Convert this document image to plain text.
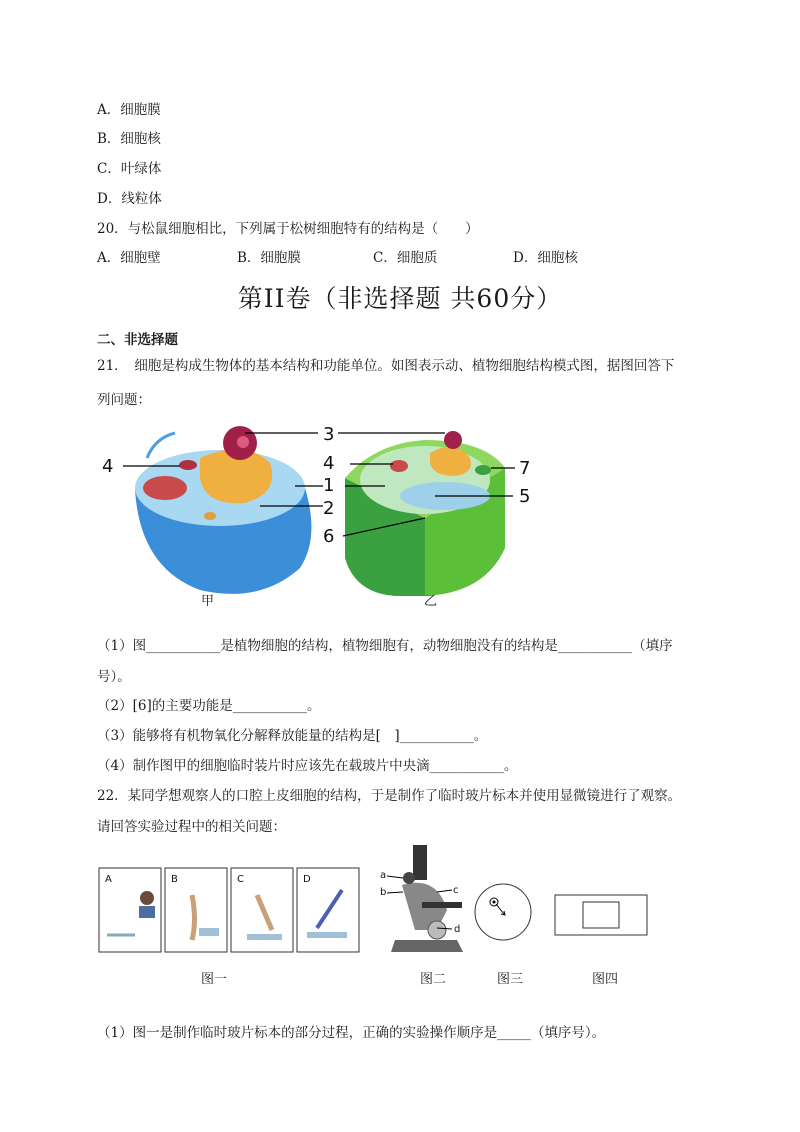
A．细胞膜
B．细胞核
C．叶绿体
D．线粒体
20．与松鼠细胞相比，下列属于松树细胞特有的结构是（　　）
A．细胞壁	B．细胞膜	C．细胞质	D．细胞核
第II卷（非选择题 共60分）
二、非选择题
21．　细胞是构成生物体的基本结构和功能单位。如图表示动、植物细胞结构模式图，据图回答下
列问题：
3
4	4
1
2
6
7
5
甲	乙
（1）图___________是植物细胞的结构，植物细胞有，动物细胞没有的结构是___________（填序
号）。
（2）[6]的主要功能是___________。
（3）能够将有机物氧化分解释放能量的结构是[　]___________。
（4）制作图甲的细胞临时装片时应该先在载玻片中央滴___________。
22．某同学想观察人的口腔上皮细胞的结构，于是制作了临时玻片标本并使用显微镜进行了观察。
请回答实验过程中的相关问题：
A	B	C	D	a
b	c
d
图一	图二	图三	图四
（1）图一是制作临时玻片标本的部分过程，正确的实验操作顺序是_____（填序号）。
